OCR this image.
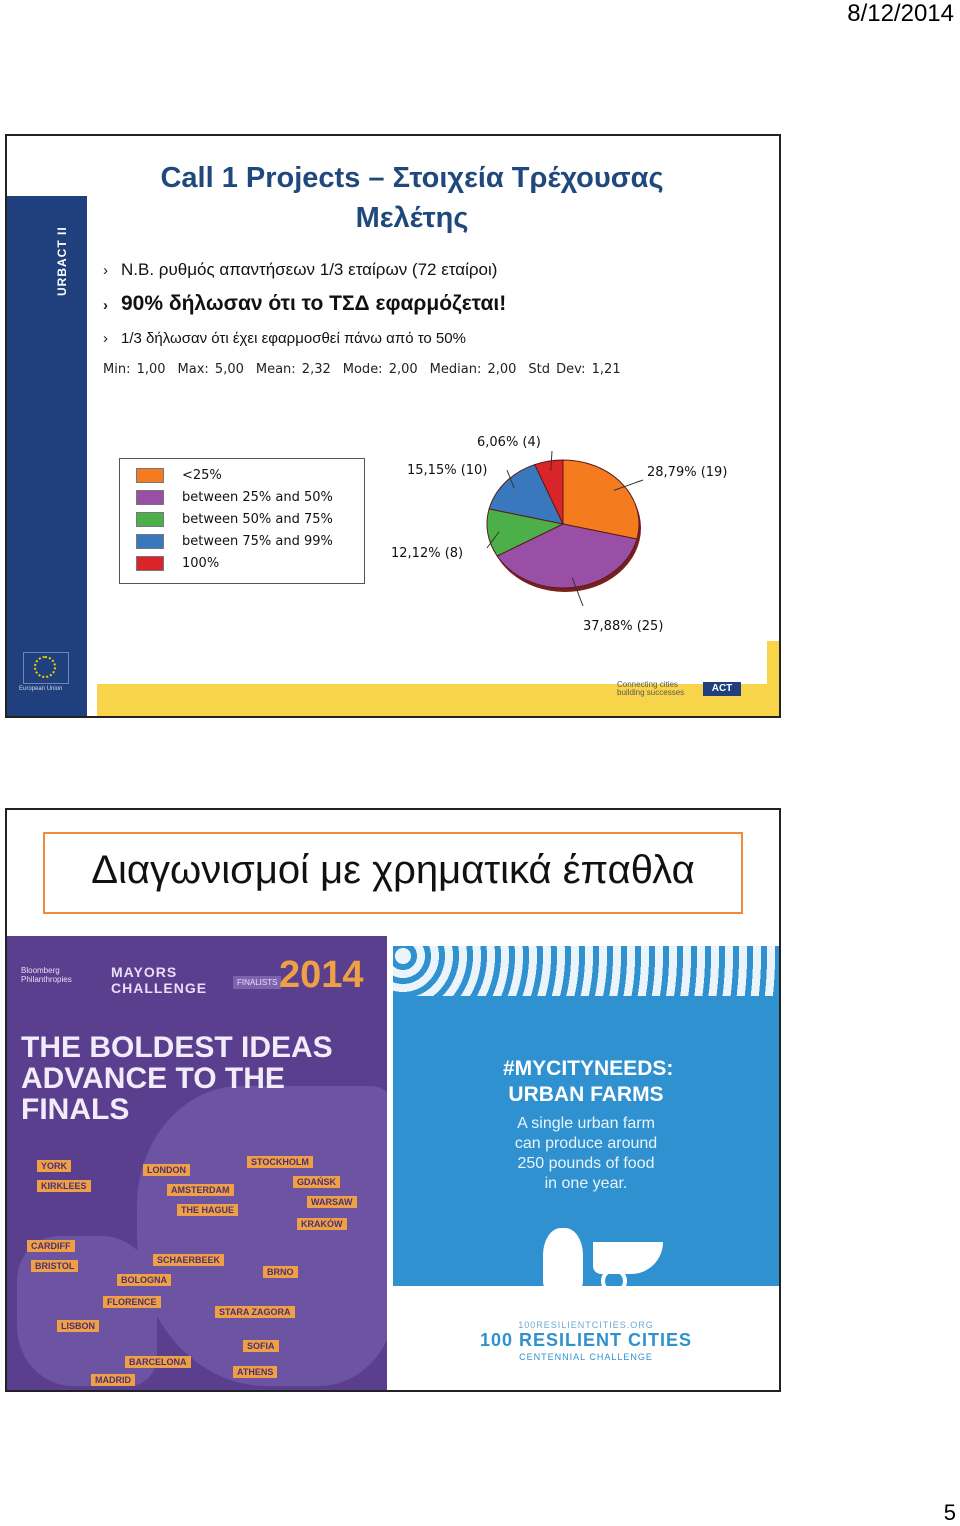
8/12/2014
URBACT II
European Union	Connecting cities building successes	ACT
Call 1 Projects – Στοιχεία Τρέχουσας Μελέτης
› N.B. ρυθμός απαντήσεων 1/3 εταίρων (72 εταίροι)
› 90% δήλωσαν ότι το ΤΣΔ εφαρμόζεται!
› 1/3 δήλωσαν ότι έχει εφαρμοσθεί πάνω από το 50%
Min: 1,00 Max: 5,00 Mean: 2,32 Mode: 2,00 Median: 2,00 Std Dev: 1,21
<25%
between 25% and 50%
between 50% and 75%
between 75% and 99%
100%
28,79% (19)
37,88% (25)
12,12% (8)
15,15% (10)
6,06% (4)
Διαγωνισμοί με χρηματικά έπαθλα
Bloomberg Philanthropies	MAYORS CHALLENGE	FINALISTS 2014
THE BOLDEST IDEAS ADVANCE TO THE FINALS
YORK
KIRKLEES
LONDON
AMSTERDAM
THE HAGUE
STOCKHOLM
GDAŃSK
WARSAW
KRAKÓW
CARDIFF
BRISTOL
SCHAERBEEK
BOLOGNA
FLORENCE
BRNO
STARA ZAGORA
SOFIA
LISBON
BARCELONA
MADRID
ATHENS
#MYCITYNEEDS: URBAN FARMS
A single urban farm can produce around 250 pounds of food in one year.
100RESILIENTCITIES.ORG
100 RESILIENT CITIES
CENTENNIAL CHALLENGE
5
